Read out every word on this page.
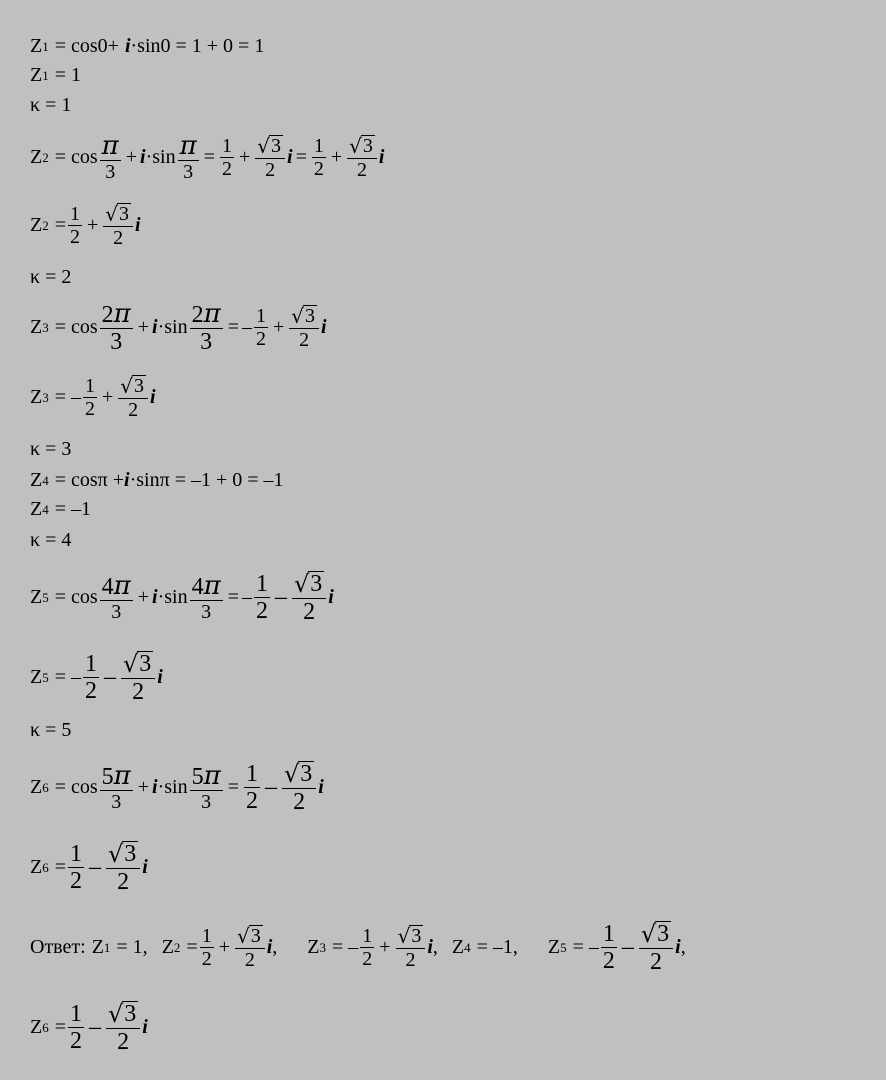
Z 1 = cos0+ i ·sin0 = 1 + 0 = 1
Z 1 = 1
κ = 1
Z $2 = \cos \frac{\pi}{3} + i \cdot\sin \frac{\pi}{3} = \frac{1}{2} + \frac{√ 3}{2}$ $i = \frac{1}{2} + \frac{√ 3}{2}$ i
Z $2 = \frac{1}{2} + \frac{√ 3}{2}$ i
κ = 2
Z $3 = \cos \frac{2\pi}{3} + i \cdot\sin \frac{2\pi}{3}$ = – $\frac{1}{2} + \frac{√ 3}{2}$ i
Z 3 = – $\frac{1}{2} + \frac{√ 3}{2}$ i
κ = 3
Z 4 = cosπ + i ·sinπ = –1 + 0 = –1
Z 4 = –1
κ = 4
Z $5 = \cos \frac{4\pi}{3} + i \cdot\sin \frac{4\pi}{3}$ = – $\frac{1}{2} - \frac{√ 3}{2}$ i
Z 5 = – $\frac{1}{2} - \frac{√ 3}{2}$ i
κ = 5
Z $6 = \cos \frac{5\pi}{3} + i \cdot\sin \frac{5\pi}{3} = \frac{1}{2} - \frac{√ 3}{2}$ i
Z $6 = \frac{1}{2} - \frac{√ 3}{2}$ i
Ответ: Z 1 = 1,
Z $2 = \frac{1}{2} + \frac{√ 3}{2}$ i ,
Z 3 = – $\frac{1}{2} + \frac{√ 3}{2}$ i ,
Z 4 = –1,
Z 5 = – $\frac{1}{2} - \frac{√ 3}{2}$ i ,
Z $6 = \frac{1}{2} - \frac{√ 3}{2}$ i
